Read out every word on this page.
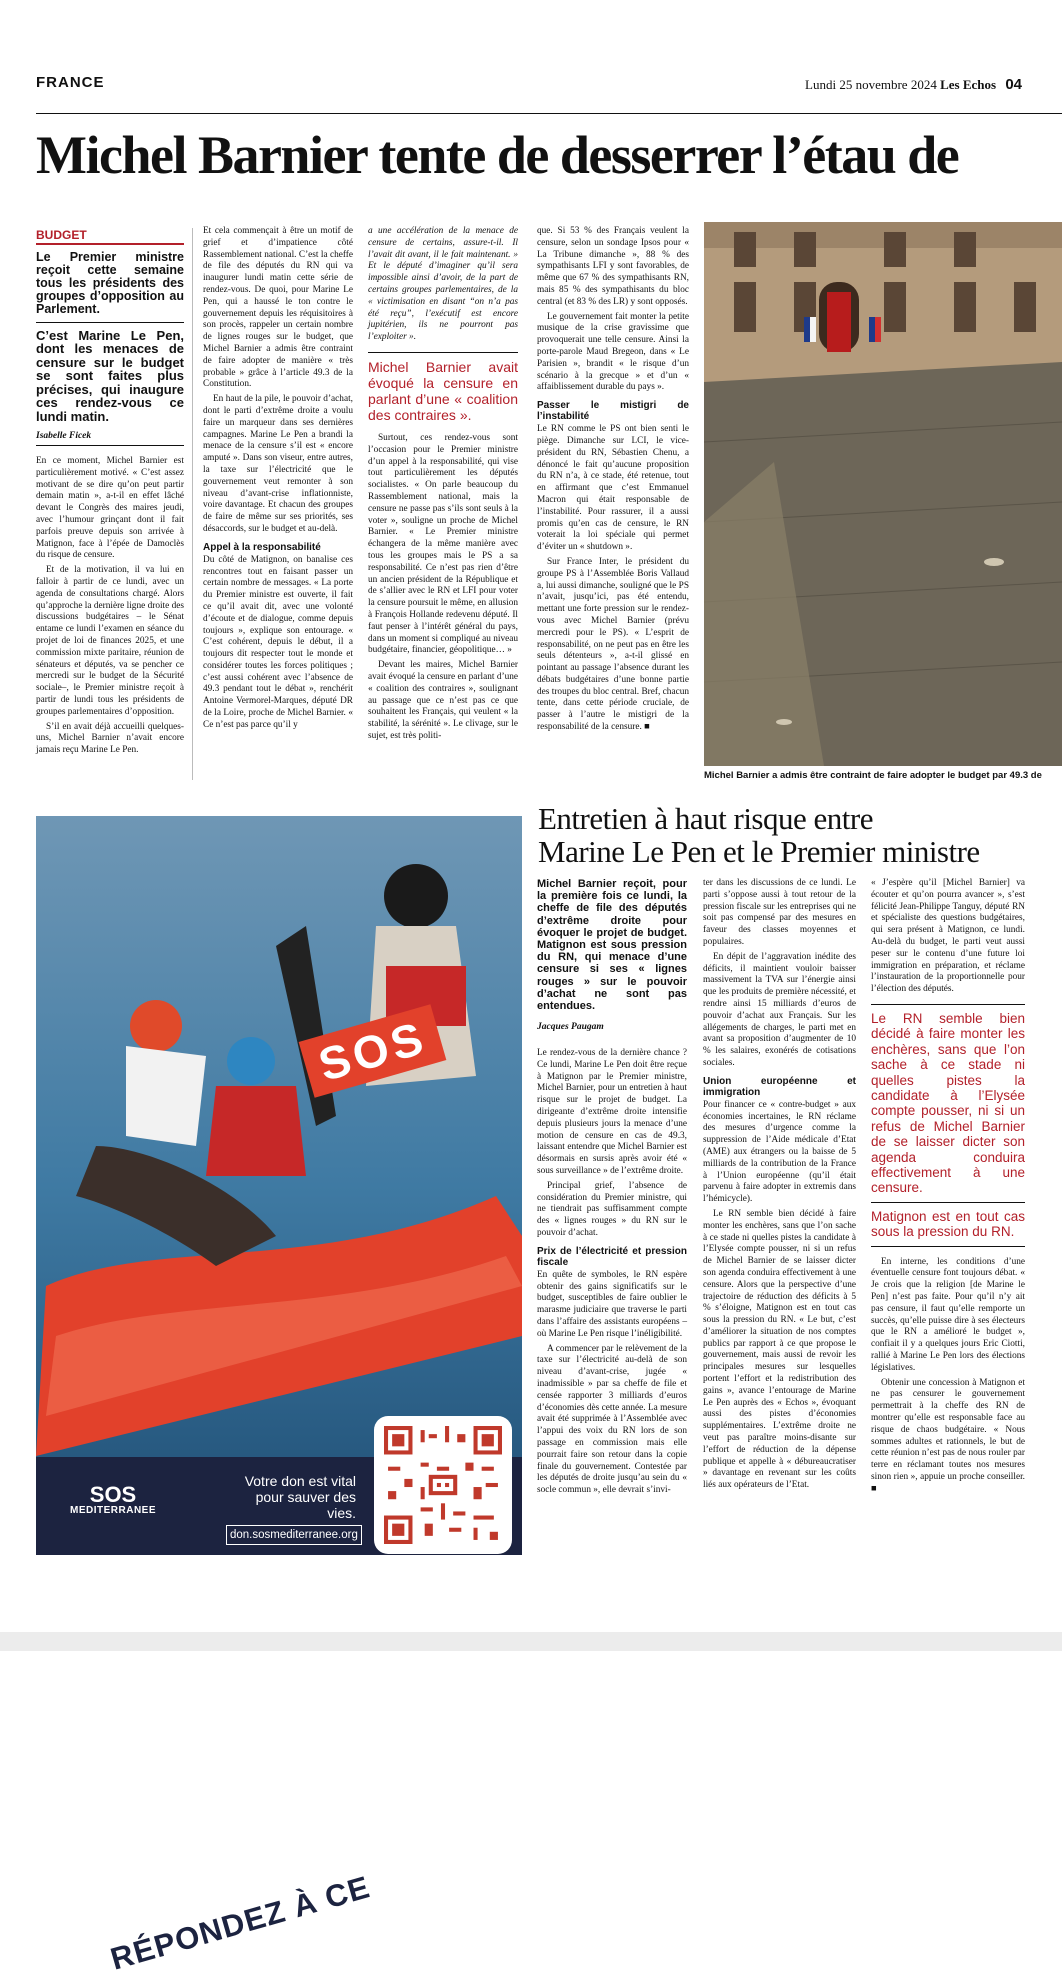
FRANCE	Lundi 25 novembre 2024 Les Echos 04
Michel Barnier tente de desserrer l’étau de
BUDGET
Le Premier ministre reçoit cette semaine tous les présidents des groupes d’opposition au Parlement.
C’est Marine Le Pen, dont les menaces de censure sur le budget se sont faites plus précises, qui inaugure ces rendez-vous ce lundi matin.
Isabelle Ficek

En ce moment, Michel Barnier est particulièrement motivé. « C’est assez motivant de se dire qu’on peut partir demain matin », a-t-il en effet lâché devant le Congrès des maires jeudi, avec l’humour grinçant dont il fait parfois preuve depuis son arrivée à Matignon, face à l’épée de Damoclès du risque de censure.

Et de la motivation, il va lui en falloir à partir de ce lundi, avec un agenda de consultations chargé. Alors qu’approche la dernière ligne droite des discussions budgétaires – le Sénat entame ce lundi l’examen en séance du projet de loi de finances 2025, et une commission mixte paritaire, réunion de sénateurs et députés, va se pencher ce mercredi sur le budget de la Sécurité sociale–, le Premier ministre reçoit à partir de lundi tous les présidents de groupes parlementaires d’opposition.

S’il en avait déjà accueilli quelques-uns, Michel Barnier n’avait encore jamais reçu Marine Le Pen.

Et cela commençait à être un motif de grief et d’impatience côté Rassemblement national. C’est la cheffe de file des députés du RN qui va inaugurer lundi matin cette série de rendez-vous. De quoi, pour Marine Le Pen, qui a haussé le ton contre le gouvernement depuis les réquisitoires à son procès, rappeler un certain nombre de lignes rouges sur le budget, que Michel Barnier a admis être contraint de faire adopter de manière « très probable » grâce à l’article 49.3 de la Constitution.

En haut de la pile, le pouvoir d’achat, dont le parti d’extrême droite a voulu faire un marqueur dans ses dernières campagnes. Marine Le Pen a brandi la menace de la censure s’il est « encore amputé ». Dans son viseur, entre autres, la taxe sur l’électricité que le gouvernement veut remonter à son niveau d’avant-crise inflationniste, voire davantage. Et chacun des groupes de faire de même sur ses priorités, ses désaccords, sur le budget et au-delà.

Appel à la responsabilité

Du côté de Matignon, on banalise ces rencontres tout en faisant passer un certain nombre de messages. « La porte du Premier ministre est ouverte, il fait ce qu’il avait dit, avec une volonté d’écoute et de dialogue, comme depuis toujours », explique son entourage. « C’est cohérent, depuis le début, il a toujours dit respecter tout le monde et considérer toutes les forces politiques ; c’est aussi cohérent avec l’absence de 49.3 pendant tout le débat », renchérit Antoine Vermorel-Marques, député DR de la Loire, proche de Michel Barnier. « Ce n’est pas parce qu’il y

a une accélération de la menace de censure de certains, assure-t-il. Il l’avait dit avant, il le fait maintenant. » Et le député d’imaginer qu’il sera impossible ainsi d’avoir, de la part de certains groupes parlementaires, de la « victimisation en disant “on n’a pas été reçu”, l’exécutif est encore jupitérien, ils ne pourront pas l’exploiter ».

Michel Barnier avait évoqué la censure en parlant d’une « coalition des contraires ».

Surtout, ces rendez-vous sont l’occasion pour le Premier ministre d’un appel à la responsabilité, qui vise tout particulièrement les députés socialistes. « On parle beaucoup du Rassemblement national, mais la censure ne passe pas s’ils sont seuls à la voter », souligne un proche de Michel Barnier. « Le Premier ministre échangera de la même manière avec tous les groupes mais le PS a sa responsabilité. Ce n’est pas rien d’être un ancien président de la République et de s’allier avec le RN et LFI pour voter la censure poursuit le même, en allusion à François Hollande redevenu député. Il faut penser à l’intérêt général du pays, dans un moment si compliqué au niveau budgétaire, financier, géopolitique… »

Devant les maires, Michel Barnier avait évoqué la censure en parlant d’une « coalition des contraires », soulignant au passage que ce n’est pas ce que souhaitent les Français, qui veulent « la stabilité, la sérénité ». Le clivage, sur le sujet, est très politi-

que. Si 53 % des Français veulent la censure, selon un sondage Ipsos pour « La Tribune dimanche », 88 % des sympathisants LFI y sont favorables, de même que 67 % des sympathisants RN, mais 85 % des sympathisants du bloc central (et 83 % des LR) y sont opposés.

Le gouvernement fait monter la petite musique de la crise gravissime que provoquerait une telle censure. Ainsi la porte-parole Maud Bregeon, dans « Le Parisien », brandit « le risque d’un scénario à la grecque » et d’un « affaiblissement durable du pays ».

Passer le mistigri de l’instabilité

Le RN comme le PS ont bien senti le piège. Dimanche sur LCI, le vice-président du RN, Sébastien Chenu, a dénoncé le fait qu’aucune proposition du RN n’a, à ce stade, été retenue, tout en affirmant que c’est Emmanuel Macron qui était responsable de l’instabilité. Pour rassurer, il a aussi promis qu’en cas de censure, le RN voterait la loi spéciale qui permet d’éviter un « shutdown ».

Sur France Inter, le président du groupe PS à l’Assemblée Boris Vallaud a, lui aussi dimanche, souligné que le PS n’avait, jusqu’ici, pas été entendu, mettant une forte pression sur le rendez-vous avec Michel Barnier (prévu mercredi pour le PS). « L’esprit de responsabilité, on ne peut pas en être les seuls détenteurs », a-t-il glissé en pointant au passage l’absence durant les débats budgétaires d’une bonne partie des troupes du bloc central. Bref, chacun tente, dans cette période cruciale, de passer à l’autre le mistigri de la responsabilité de la censure. ■

Michel Barnier a admis être contraint de faire adopter le budget par 49.3 de
RÉPONDEZ À CE
SOS
SOS
MEDITERRANEE
Votre don est vital
pour sauver des vies.
don.sosmediterranee.org
Entretien à haut risque entre
Marine Le Pen et le Premier ministre
Michel Barnier reçoit, pour la première fois ce lundi, la cheffe de file des députés d’extrême droite pour évoquer le projet de budget. Matignon est sous pression du RN, qui menace d’une censure si ses « lignes rouges » sur le pouvoir d’achat ne sont pas entendues.
Jacques Paugam

Le rendez-vous de la dernière chance ? Ce lundi, Marine Le Pen doit être reçue à Matignon par le Premier ministre, Michel Barnier, pour un entretien à haut risque sur le projet de budget. La dirigeante d’extrême droite intensifie depuis plusieurs jours la menace d’une motion de censure en cas de 49.3, laissant entendre que Michel Barnier est désormais en sursis après avoir été « sous surveillance » de l’extrême droite.

Principal grief, l’absence de considération du Premier ministre, qui ne tiendrait pas suffisamment compte des « lignes rouges » du RN sur le pouvoir d’achat.

Prix de l’électricité et pression fiscale

En quête de symboles, le RN espère obtenir des gains significatifs sur le budget, susceptibles de faire oublier le marasme judiciaire que traverse le parti dans l’affaire des assistants européens – où Marine Le Pen risque l’inéligibilité.

A commencer par le relèvement de la taxe sur l’électricité au-delà de son niveau d’avant-crise, jugée « inadmissible » par sa cheffe de file et censée rapporter 3 milliards d’euros d’économies dès cette année. La mesure avait été supprimée à l’Assemblée avec l’appui des voix du RN lors de son passage en commission mais elle pourrait faire son retour dans la copie finale du gouvernement. Contestée par les députés de droite jusqu’au sein du « socle commun », elle devrait s’invi-

ter dans les discussions de ce lundi. Le parti s’oppose aussi à tout retour de la pression fiscale sur les entreprises qui ne soit pas compensé par des mesures en faveur des classes moyennes et populaires.

En dépit de l’aggravation inédite des déficits, il maintient vouloir baisser massivement la TVA sur l’énergie ainsi que les produits de première nécessité, et rendre ainsi 15 milliards d’euros de pouvoir d’achat aux Français. Sur les allégements de charges, le parti met en avant sa proposition d’augmenter de 10 % les salaires, exonérés de cotisations sociales.

Union européenne et immigration

Pour financer ce « contre-budget » aux économies incertaines, le RN réclame des mesures d’urgence comme la suppression de l’Aide médicale d’Etat (AME) aux étrangers ou la baisse de 5 milliards de la contribution de la France à l’Union européenne (qu’il était parvenu à faire adopter in extremis dans l’hémicycle).

Le RN semble bien décidé à faire monter les enchères, sans que l’on sache à ce stade ni quelles pistes la candidate à l’Elysée compte pousser, ni si un refus de Michel Barnier de se laisser dicter son agenda conduira effectivement à une censure. Alors que la perspective d’une trajectoire de réduction des déficits à 5 % s’éloigne, Matignon est en tout cas sous la pression du RN. « Le but, c’est d’améliorer la situation de nos comptes publics par rapport à ce que propose le gouvernement, mais aussi de revoir les principales mesures sur lesquelles portent l’effort et la redistribution des gains », avance l’entourage de Marine Le Pen auprès des « Echos », évoquant aussi des pistes d’économies supplémentaires. L’extrême droite ne veut pas paraître moins-disante sur l’effort de réduction de la dépense publique et appelle à « débureaucratiser » davantage en revenant sur les coûts liés aux opérateurs de l’Etat.

« J’espère qu’il [Michel Barnier] va écouter et qu’on pourra avancer », s’est félicité Jean-Philippe Tanguy, député RN et spécialiste des questions budgétaires, qui sera présent à Matignon, ce lundi. Au-delà du budget, le parti veut aussi peser sur le contenu d’une future loi immigration en préparation, et réclame l’instauration de la proportionnelle pour l’élection des députés.

Le RN semble bien décidé à faire monter les enchères, sans que l’on sache à ce stade ni quelles pistes la candidate à l’Elysée compte pousser, ni si un refus de Michel Barnier de se laisser dicter son agenda conduira effectivement à une censure.
Matignon est en tout cas sous la pression du RN.

En interne, les conditions d’une éventuelle censure font toujours débat. « Je crois que la religion [de Marine le Pen] n’est pas faite. Pour qu’il n’y ait pas censure, il faut qu’elle remporte un succès, qu’elle puisse dire à ses électeurs que le RN a amélioré le budget », confiait il y a quelques jours Eric Ciotti, rallié à Marine Le Pen lors des élections législatives.

Obtenir une concession à Matignon et ne pas censurer le gouvernement permettrait à la cheffe des RN de montrer qu’elle est responsable face au risque de chaos budgétaire. « Nous sommes adultes et rationnels, le but de cette réunion n’est pas de nous rouler par terre en réclamant toutes nos mesures sinon rien », appuie un proche conseiller. ■
